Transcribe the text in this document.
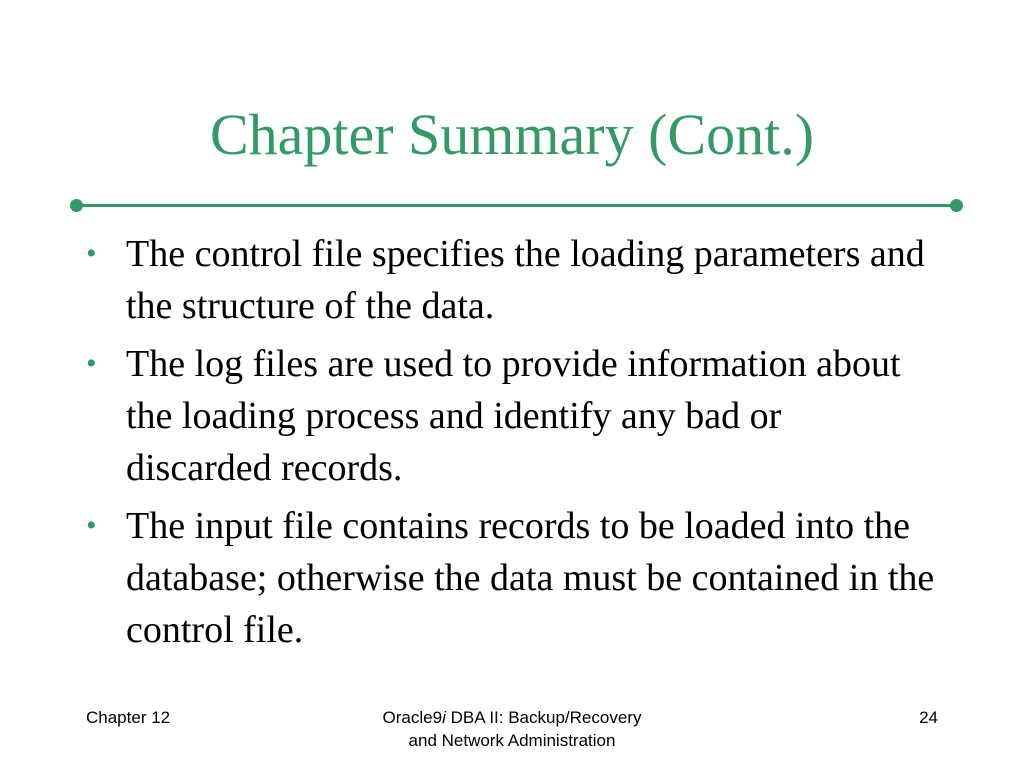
Chapter Summary (Cont.)
• The control file specifies the loading parameters and the structure of the data.
• The log files are used to provide information about the loading process and identify any bad or discarded records.
• The input file contains records to be loaded into the database; otherwise the data must be contained in the control file.
Chapter 12	Oracle9i DBA II: Backup/Recovery
and Network Administration
24
